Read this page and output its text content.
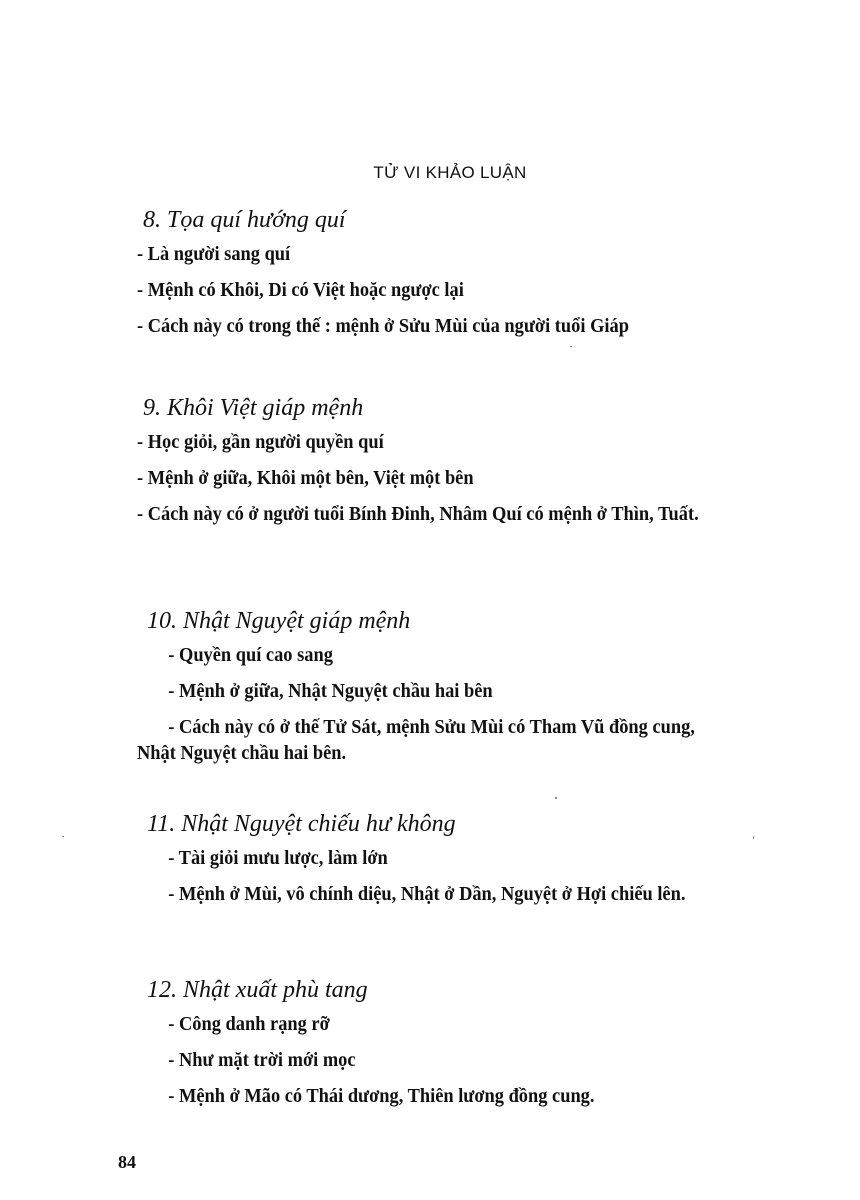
TỬ VI KHẢO LUẬN
8. Tọa quí hướng quí
- Là người sang quí
- Mệnh có Khôi, Di có Việt hoặc ngược lại
- Cách này có trong thế : mệnh ở Sửu Mùi của người tuổi Giáp
9. Khôi Việt giáp mệnh
- Học giỏi, gần người quyền quí
- Mệnh ở giữa, Khôi một bên, Việt một bên
- Cách này có ở người tuổi Bính Đinh, Nhâm Quí có mệnh ở Thìn, Tuất.
10. Nhật Nguyệt giáp mệnh
- Quyền quí cao sang
- Mệnh ở giữa, Nhật Nguyệt chầu hai bên
- Cách này có ở thế Tử Sát, mệnh Sửu Mùi có Tham Vũ đồng cung, Nhật Nguyệt chầu hai bên.
11. Nhật Nguyệt chiếu hư không
- Tài giỏi mưu lược, làm lớn
- Mệnh ở Mùi, vô chính diệu, Nhật ở Dần, Nguyệt ở Hợi chiếu lên.
12. Nhật xuất phù tang
- Công danh rạng rỡ
- Như mặt trời mới mọc
- Mệnh ở Mão có Thái dương, Thiên lương đồng cung.
84
